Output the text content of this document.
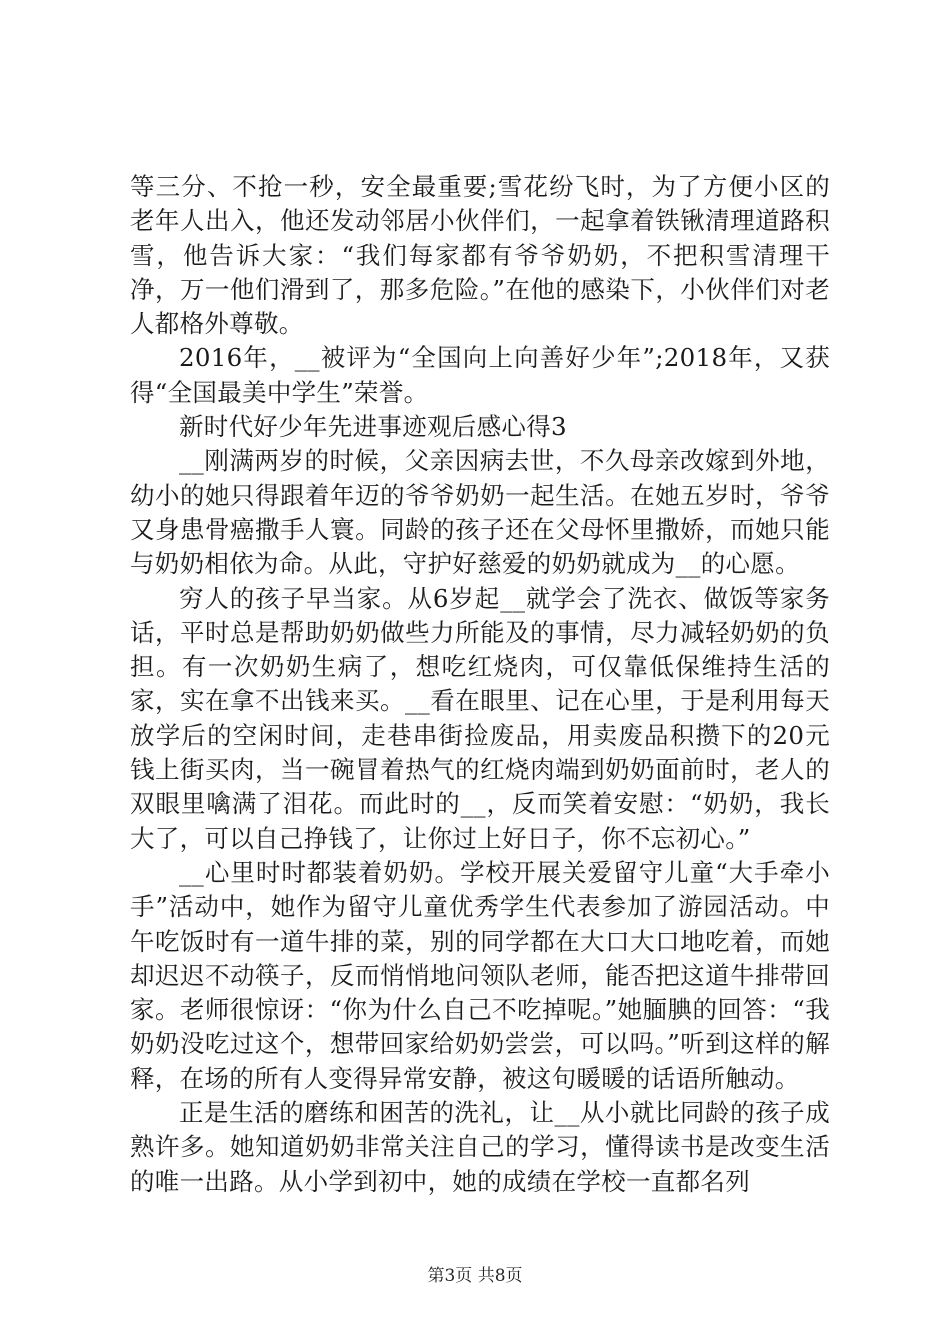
等三分、不抢一秒，安全最重要;雪花纷飞时，为了方便小区的老年人出入，他还发动邻居小伙伴们，一起拿着铁锹清理道路积雪，他告诉大家：“我们每家都有爷爷奶奶，不把积雪清理干净，万一他们滑到了，那多危险。”在他的感染下，小伙伴们对老人都格外尊敬。

2016年，__被评为“全国向上向善好少年”;2018年，又获得“全国最美中学生”荣誉。

新时代好少年先进事迹观后感心得3

__刚满两岁的时候，父亲因病去世，不久母亲改嫁到外地，幼小的她只得跟着年迈的爷爷奶奶一起生活。在她五岁时，爷爷又身患骨癌撒手人寰。同龄的孩子还在父母怀里撒娇，而她只能与奶奶相依为命。从此，守护好慈爱的奶奶就成为__的心愿。

穷人的孩子早当家。从6岁起__就学会了洗衣、做饭等家务话，平时总是帮助奶奶做些力所能及的事情，尽力减轻奶奶的负担。有一次奶奶生病了，想吃红烧肉，可仅靠低保维持生活的家，实在拿不出钱来买。__看在眼里、记在心里，于是利用每天放学后的空闲时间，走巷串街捡废品，用卖废品积攒下的20元钱上街买肉，当一碗冒着热气的红烧肉端到奶奶面前时，老人的双眼里噙满了泪花。而此时的__，反而笑着安慰：“奶奶，我长大了，可以自己挣钱了，让你过上好日子，你不忘初心。”

__心里时时都装着奶奶。学校开展关爱留守儿童“大手牵小手”活动中，她作为留守儿童优秀学生代表参加了游园活动。中午吃饭时有一道牛排的菜，别的同学都在大口大口地吃着，而她却迟迟不动筷子，反而悄悄地问领队老师，能否把这道牛排带回家。老师很惊讶：“你为什么自己不吃掉呢。”她腼腆的回答：“我奶奶没吃过这个，想带回家给奶奶尝尝，可以吗。”听到这样的解释，在场的所有人变得异常安静，被这句暖暖的话语所触动。

正是生活的磨练和困苦的洗礼，让__从小就比同龄的孩子成熟许多。她知道奶奶非常关注自己的学习，懂得读书是改变生活的唯一出路。从小学到初中，她的成绩在学校一直都名列

第3页 共8页
